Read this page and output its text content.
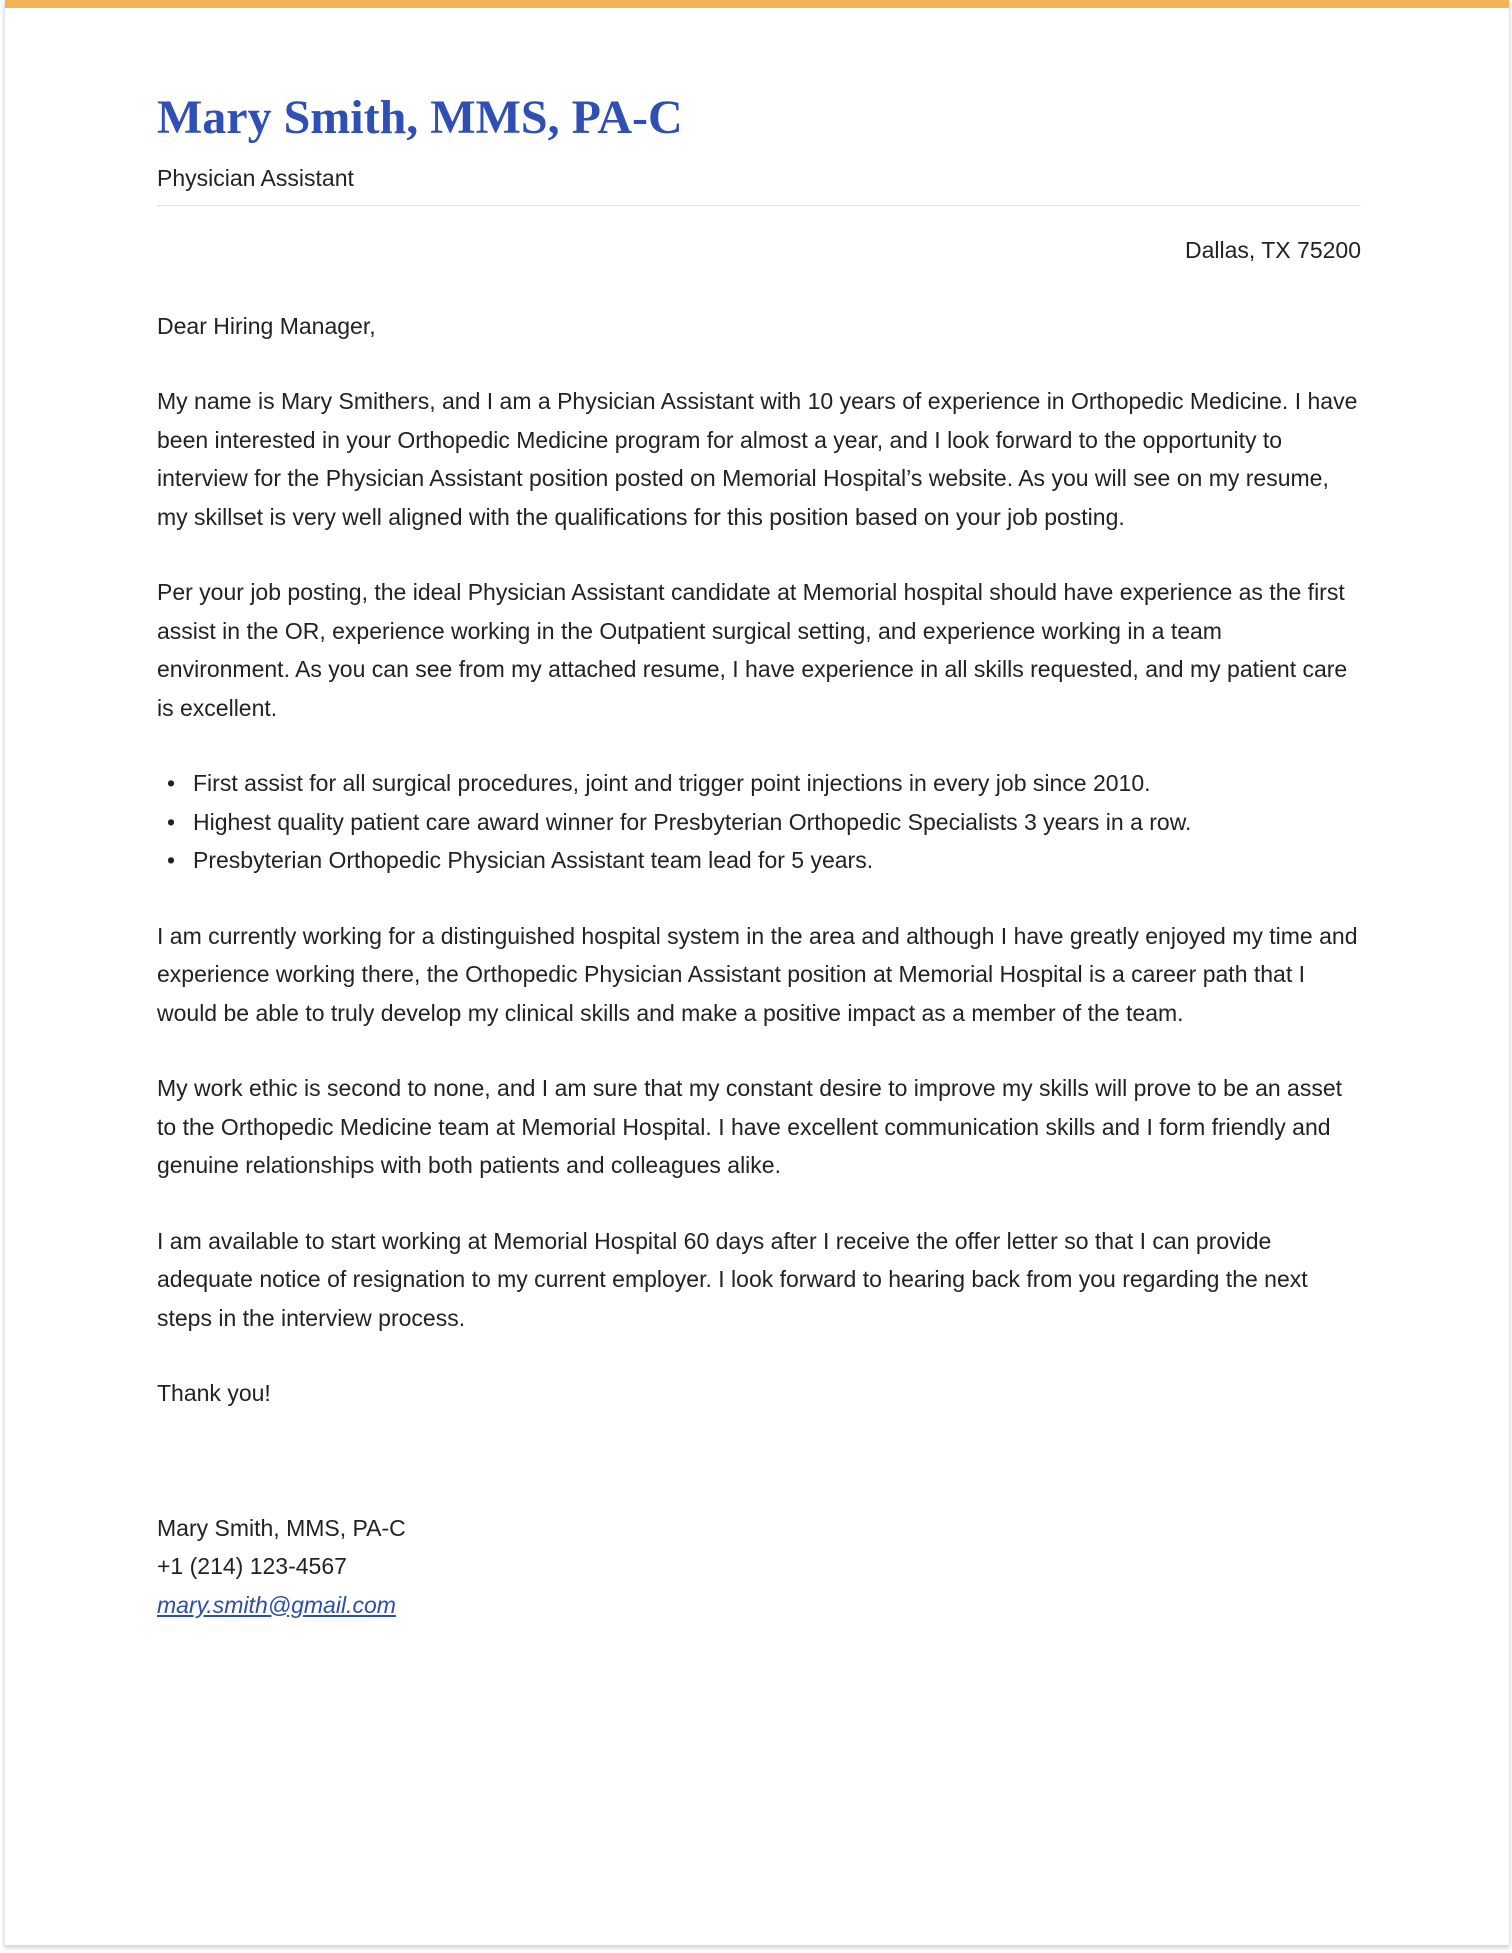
Mary Smith, MMS, PA-C
Physician Assistant

Dallas, TX 75200

Dear Hiring Manager,

My name is Mary Smithers, and I am a Physician Assistant with 10 years of experience in Orthopedic Medicine. I have been interested in your Orthopedic Medicine program for almost a year, and I look forward to the opportunity to interview for the Physician Assistant position posted on Memorial Hospital’s website. As you will see on my resume, my skillset is very well aligned with the qualifications for this position based on your job posting.

Per your job posting, the ideal Physician Assistant candidate at Memorial hospital should have experience as the first assist in the OR, experience working in the Outpatient surgical setting, and experience working in a team environment. As you can see from my attached resume, I have experience in all skills requested, and my patient care is excellent.

• First assist for all surgical procedures, joint and trigger point injections in every job since 2010.
• Highest quality patient care award winner for Presbyterian Orthopedic Specialists 3 years in a row.
• Presbyterian Orthopedic Physician Assistant team lead for 5 years.

I am currently working for a distinguished hospital system in the area and although I have greatly enjoyed my time and experience working there, the Orthopedic Physician Assistant position at Memorial Hospital is a career path that I would be able to truly develop my clinical skills and make a positive impact as a member of the team.

My work ethic is second to none, and I am sure that my constant desire to improve my skills will prove to be an asset to the Orthopedic Medicine team at Memorial Hospital. I have excellent communication skills and I form friendly and genuine relationships with both patients and colleagues alike.

I am available to start working at Memorial Hospital 60 days after I receive the offer letter so that I can provide adequate notice of resignation to my current employer. I look forward to hearing back from you regarding the next steps in the interview process.

Thank you!

Mary Smith, MMS, PA-C

+1 (214) 123-4567

mary.smith@gmail.com
